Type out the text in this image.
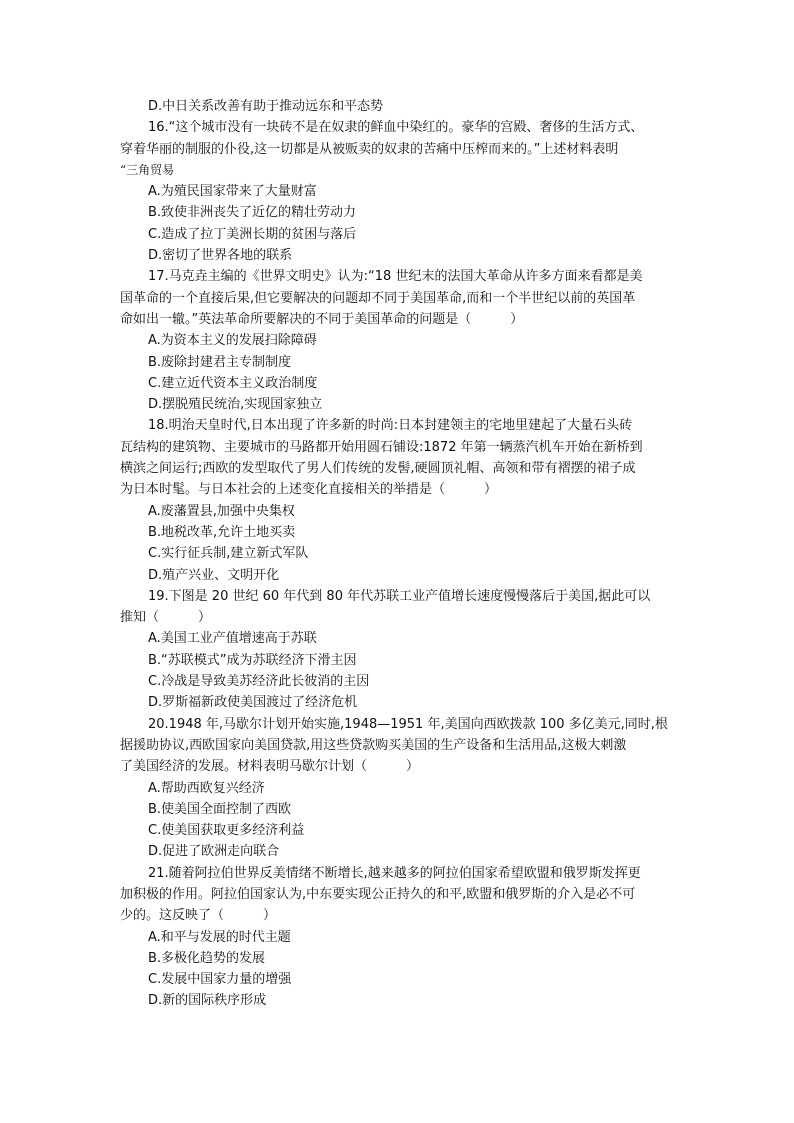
D.中日关系改善有助于推动远东和平态势
16.“这个城市没有一块砖不是在奴隶的鲜血中染红的。豪华的宫殿、奢侈的生活方式、
穿着华丽的制服的仆役,这一切都是从被贩卖的奴隶的苦痛中压榨而来的。”上述材料表明
“三角贸易
A.为殖民国家带来了大量财富
B.致使非洲丧失了近亿的精壮劳动力
C.造成了拉丁美洲长期的贫困与落后
D.密切了世界各地的联系
17.马克垚主编的《世界文明史》认为:“18 世纪末的法国大革命从许多方面来看都是美
国革命的一个直接后果,但它要解决的问题却不同于美国革命,而和一个半世纪以前的英国革
命如出一辙。”英法革命所要解决的不同于美国革命的问题是（　　　）
A.为资本主义的发展扫除障碍
B.废除封建君主专制制度
C.建立近代资本主义政治制度
D.摆脱殖民统治,实现国家独立
18.明治天皇时代,日本出现了许多新的时尚:日本封建领主的宅地里建起了大量石头砖
瓦结构的建筑物、主要城市的马路都开始用圆石铺设:1872 年第一辆蒸汽机车开始在新桥到
横滨之间运行;西欧的发型取代了男人们传统的发髻,硬圆顶礼帽、高领和带有褶摆的裙子成
为日本时髦。与日本社会的上述变化直接相关的举措是（　　　）
A.废藩置县,加强中央集权
B.地税改革,允许土地买卖
C.实行征兵制,建立新式军队
D.殖产兴业、文明开化
19.下图是 20 世纪 60 年代到 80 年代苏联工业产值增长速度慢慢落后于美国,据此可以
推知（　　　）
A.美国工业产值增速高于苏联
B.“苏联模式”成为苏联经济下滑主因
C.冷战是导致美苏经济此长彼消的主因
D.罗斯福新政使美国渡过了经济危机
20.1948 年,马歇尔计划开始实施,1948—1951 年,美国向西欧拨款 100 多亿美元,同时,根
据援助协议,西欧国家向美国贷款,用这些贷款购买美国的生产设备和生活用品,这极大刺激
了美国经济的发展。材料表明马歇尔计划（　　　）
A.帮助西欧复兴经济
B.使美国全面控制了西欧
C.使美国获取更多经济利益
D.促进了欧洲走向联合
21.随着阿拉伯世界反美情绪不断增长,越来越多的阿拉伯国家希望欧盟和俄罗斯发挥更
加积极的作用。阿拉伯国家认为,中东要实现公正持久的和平,欧盟和俄罗斯的介入是必不可
少的。这反映了（　　　）
A.和平与发展的时代主题
B.多极化趋势的发展
C.发展中国家力量的增强
D.新的国际秩序形成
